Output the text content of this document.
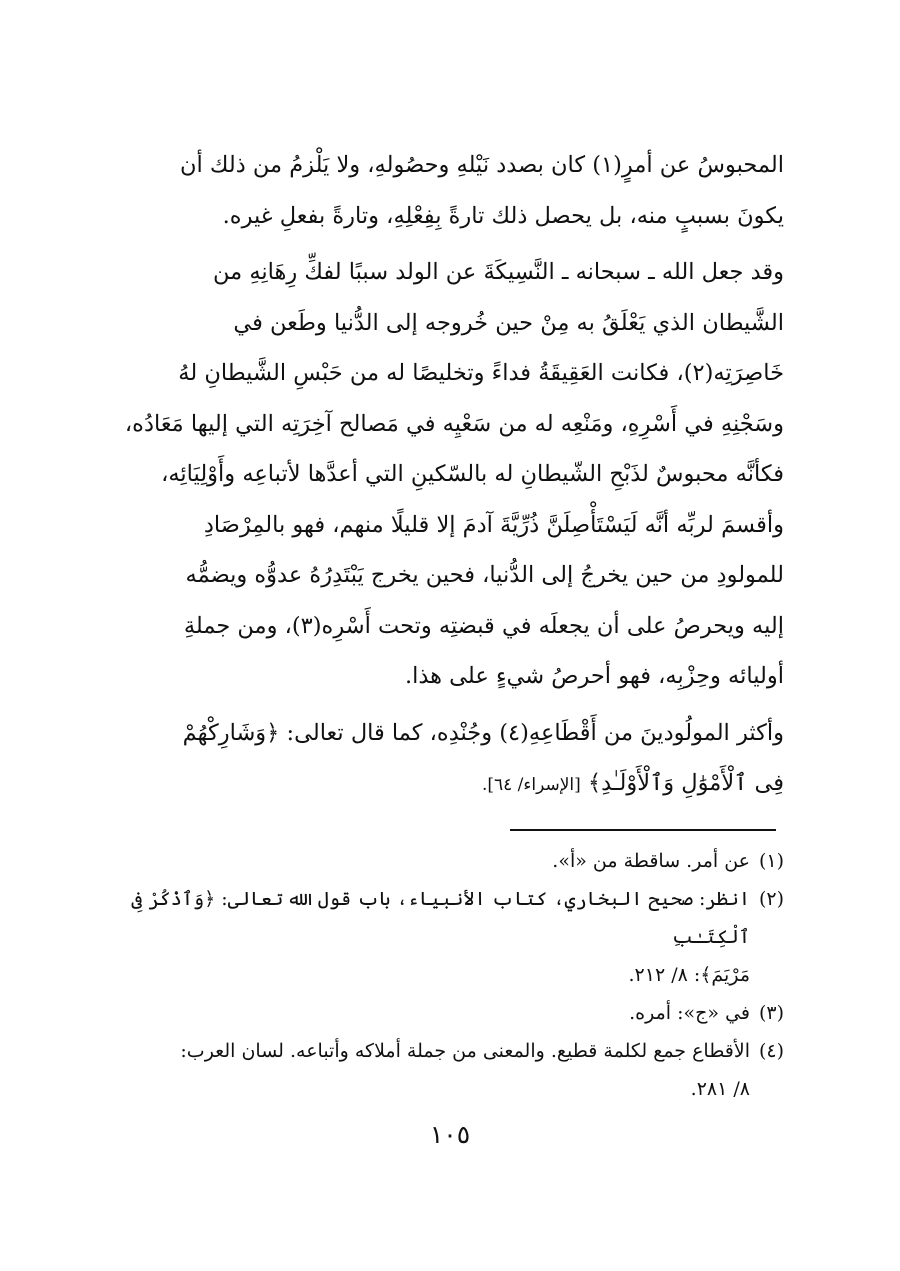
المحبوسُ عن أمرٍ(١) كان بصدد نَيْلهِ وحصُولهِ، ولا يَلْزمُ من ذلك أن

يكونَ بسببٍ منه، بل يحصل ذلك تارةً بِفِعْلِهِ، وتارةً بفعلِ غيره.

وقد جعل الله ـ سبحانه ـ النَّسِيكَةَ عن الولد سببًا لفكِّ رِهَانِهِ من

الشَّيطان الذي يَعْلَقُ به مِنْ حين خُروجه إلى الدُّنيا وطَعن في

خَاصِرَتِه(٢)، فكانت العَقِيقَةُ فداءً وتخليصًا له من حَبْسِ الشَّيطانِ لهُ

وسَجْنِهِ في أَسْرِهِ، ومَنْعِه له من سَعْيِه في مَصالح آخِرَتِه التي إليها مَعَادُه،

فكأنَّه محبوسٌ لذَبْحِ الشّيطانِ له بالسّكينِ التي أعدَّها لأتباعِه وأَوْلِيَائِه،

وأقسمَ لربِّه أنَّه لَيَسْتَأْصِلَنَّ ذُرِّيَّةَ آدمَ إلا قليلًا منهم، فهو بالمِرْصَادِ

للمولودِ من حين يخرجُ إلى الدُّنيا، فحين يخرج يَبْتَدِرُهُ عدوُّه ويضمُّه

إليه ويحرصُ على أن يجعلَه في قبضتِه وتحت أَسْرِه(٣)، ومن جملةِ

أوليائه وحِزْبِه، فهو أحرصُ شيءٍ على هذا.

وأكثر المولُودينَ من أَقْطَاعِهِ(٤) وجُنْدِه، كما قال تعالى: ﴿وَشَارِكْهُمْ

فِى ٱلْأَمْوَٰلِ وَٱلْأَوْلَـٰدِ﴾ [الإسراء/ ٦٤].

(١)
عن أمر. ساقطة من «أ».
(٢)
انظر: صحيح البخاري، كتاب الأنبياء، باب قول الله تعالى: ﴿وَٱذْكُرْ فِى ٱلْكِتَـٰبِ
مَرْيَمَ﴾: ٨/ ٢١٢.
(٣)
في «ج»: أمره.
(٤)
الأقطاع جمع لكلمة قطيع. والمعنى من جملة أملاكه وأتباعه. لسان العرب:
٨/ ٢٨١.
١٠٥
